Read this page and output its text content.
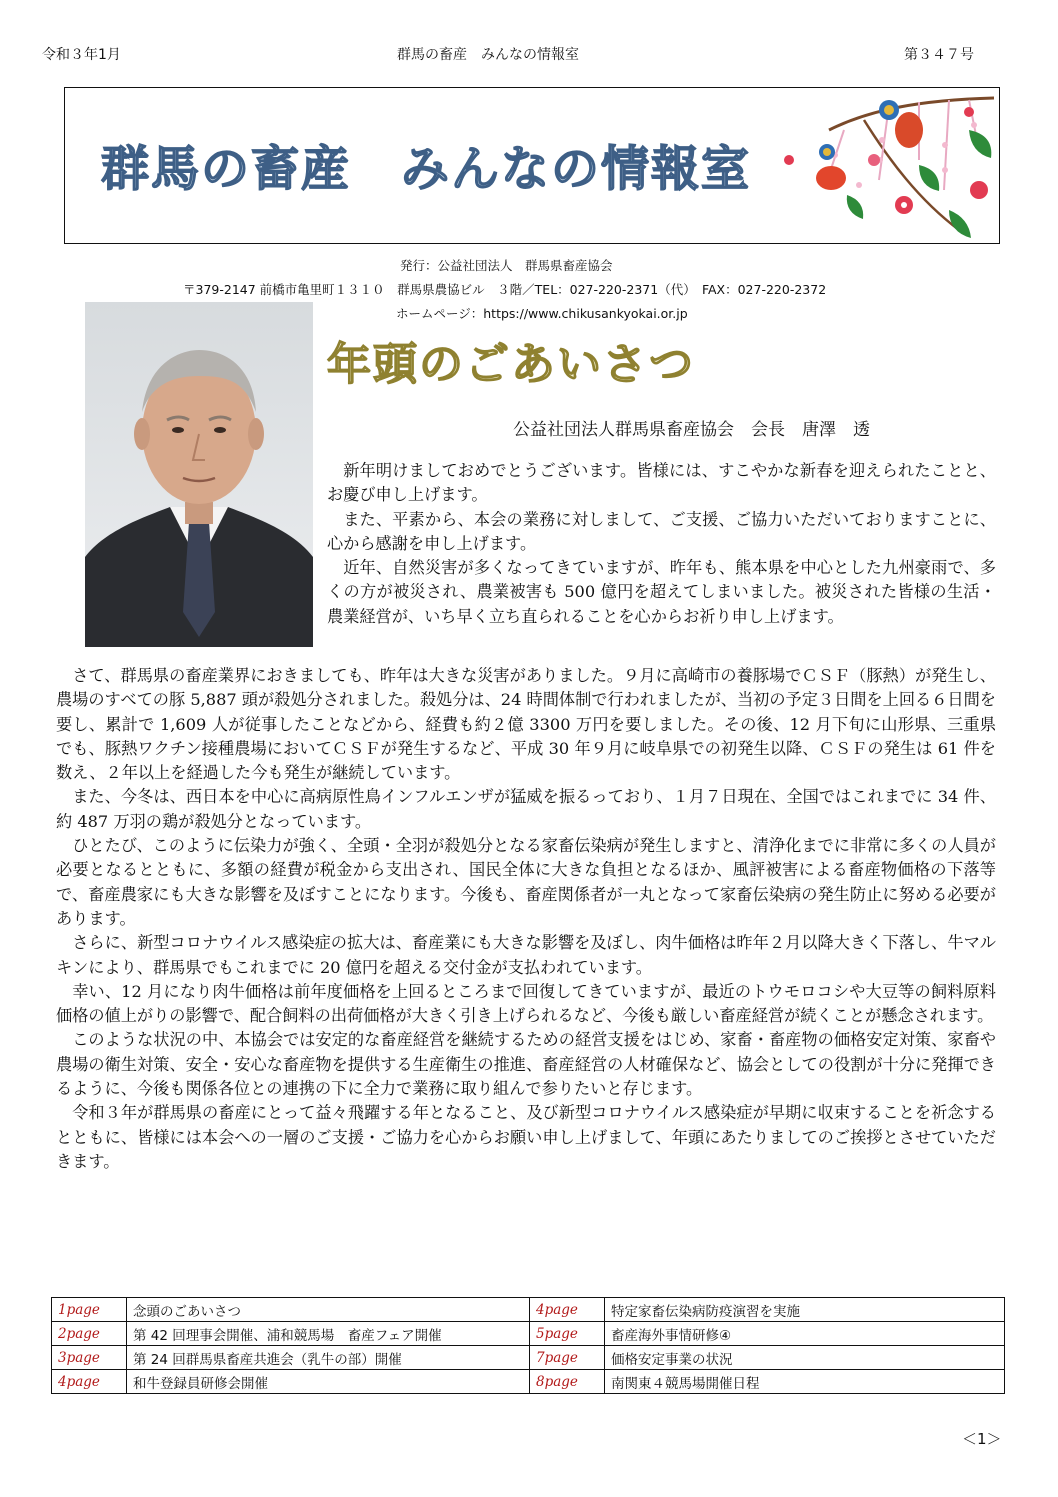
令和３年1月	群馬の畜産　みんなの情報室	第３４７号
群馬の畜産　みんなの情報室
発行：公益社団法人　群馬県畜産協会
〒379-2147 前橋市亀里町１３１０　群馬県農協ビル　３階／TEL：027-220-2371（代）　FAX：027-220-2372
ホームページ：https://www.chikusankyokai.or.jp
年頭のごあいさつ
公益社団法人群馬県畜産協会　会長　唐澤　透

新年明けましておめでとうございます。皆様には、すこやかな新春を迎えられたことと、お慶び申し上げます。

また、平素から、本会の業務に対しまして、ご支援、ご協力いただいておりますことに、心から感謝を申し上げます。

近年、自然災害が多くなってきていますが、昨年も、熊本県を中心とした九州豪雨で、多くの方が被災され、農業被害も 500 億円を超えてしまいました。被災された皆様の生活・農業経営が、いち早く立ち直られることを心からお祈り申し上げます。

さて、群馬県の畜産業界におきましても、昨年は大きな災害がありました。９月に高崎市の養豚場でＣＳＦ（豚熱）が発生し、農場のすべての豚 5,887 頭が殺処分されました。殺処分は、24 時間体制で行われましたが、当初の予定３日間を上回る６日間を要し、累計で 1,609 人が従事したことなどから、経費も約２億 3300 万円を要しました。その後、12 月下旬に山形県、三重県でも、豚熱ワクチン接種農場においてＣＳＦが発生するなど、平成 30 年９月に岐阜県での初発生以降、ＣＳＦの発生は 61 件を数え、２年以上を経過した今も発生が継続しています。

また、今冬は、西日本を中心に高病原性鳥インフルエンザが猛威を振るっており、１月７日現在、全国ではこれまでに 34 件、約 487 万羽の鶏が殺処分となっています。

ひとたび、このように伝染力が強く、全頭・全羽が殺処分となる家畜伝染病が発生しますと、清浄化までに非常に多くの人員が必要となるとともに、多額の経費が税金から支出され、国民全体に大きな負担となるほか、風評被害による畜産物価格の下落等で、畜産農家にも大きな影響を及ぼすことになります。今後も、畜産関係者が一丸となって家畜伝染病の発生防止に努める必要があります。

さらに、新型コロナウイルス感染症の拡大は、畜産業にも大きな影響を及ぼし、肉牛価格は昨年２月以降大きく下落し、牛マルキンにより、群馬県でもこれまでに 20 億円を超える交付金が支払われています。

幸い、12 月になり肉牛価格は前年度価格を上回るところまで回復してきていますが、最近のトウモロコシや大豆等の飼料原料価格の値上がりの影響で、配合飼料の出荷価格が大きく引き上げられるなど、今後も厳しい畜産経営が続くことが懸念されます。

このような状況の中、本協会では安定的な畜産経営を継続するための経営支援をはじめ、家畜・畜産物の価格安定対策、家畜や農場の衛生対策、安全・安心な畜産物を提供する生産衛生の推進、畜産経営の人材確保など、協会としての役割が十分に発揮できるように、今後も関係各位との連携の下に全力で業務に取り組んで参りたいと存じます。

令和３年が群馬県の畜産にとって益々飛躍する年となること、及び新型コロナウイルス感染症が早期に収束することを祈念するとともに、皆様には本会への一層のご支援・ご協力を心からお願い申し上げまして、年頭にあたりましてのご挨拶とさせていただきます。

1page	念頭のごあいさつ	4page	特定家畜伝染病防疫演習を実施
2page	第 42 回理事会開催、浦和競馬場　畜産フェア開催	5page	畜産海外事情研修④
3page	第 24 回群馬県畜産共進会（乳牛の部）開催	7page	価格安定事業の状況
4page	和牛登録員研修会開催	8page	南関東４競馬場開催日程
＜1＞
